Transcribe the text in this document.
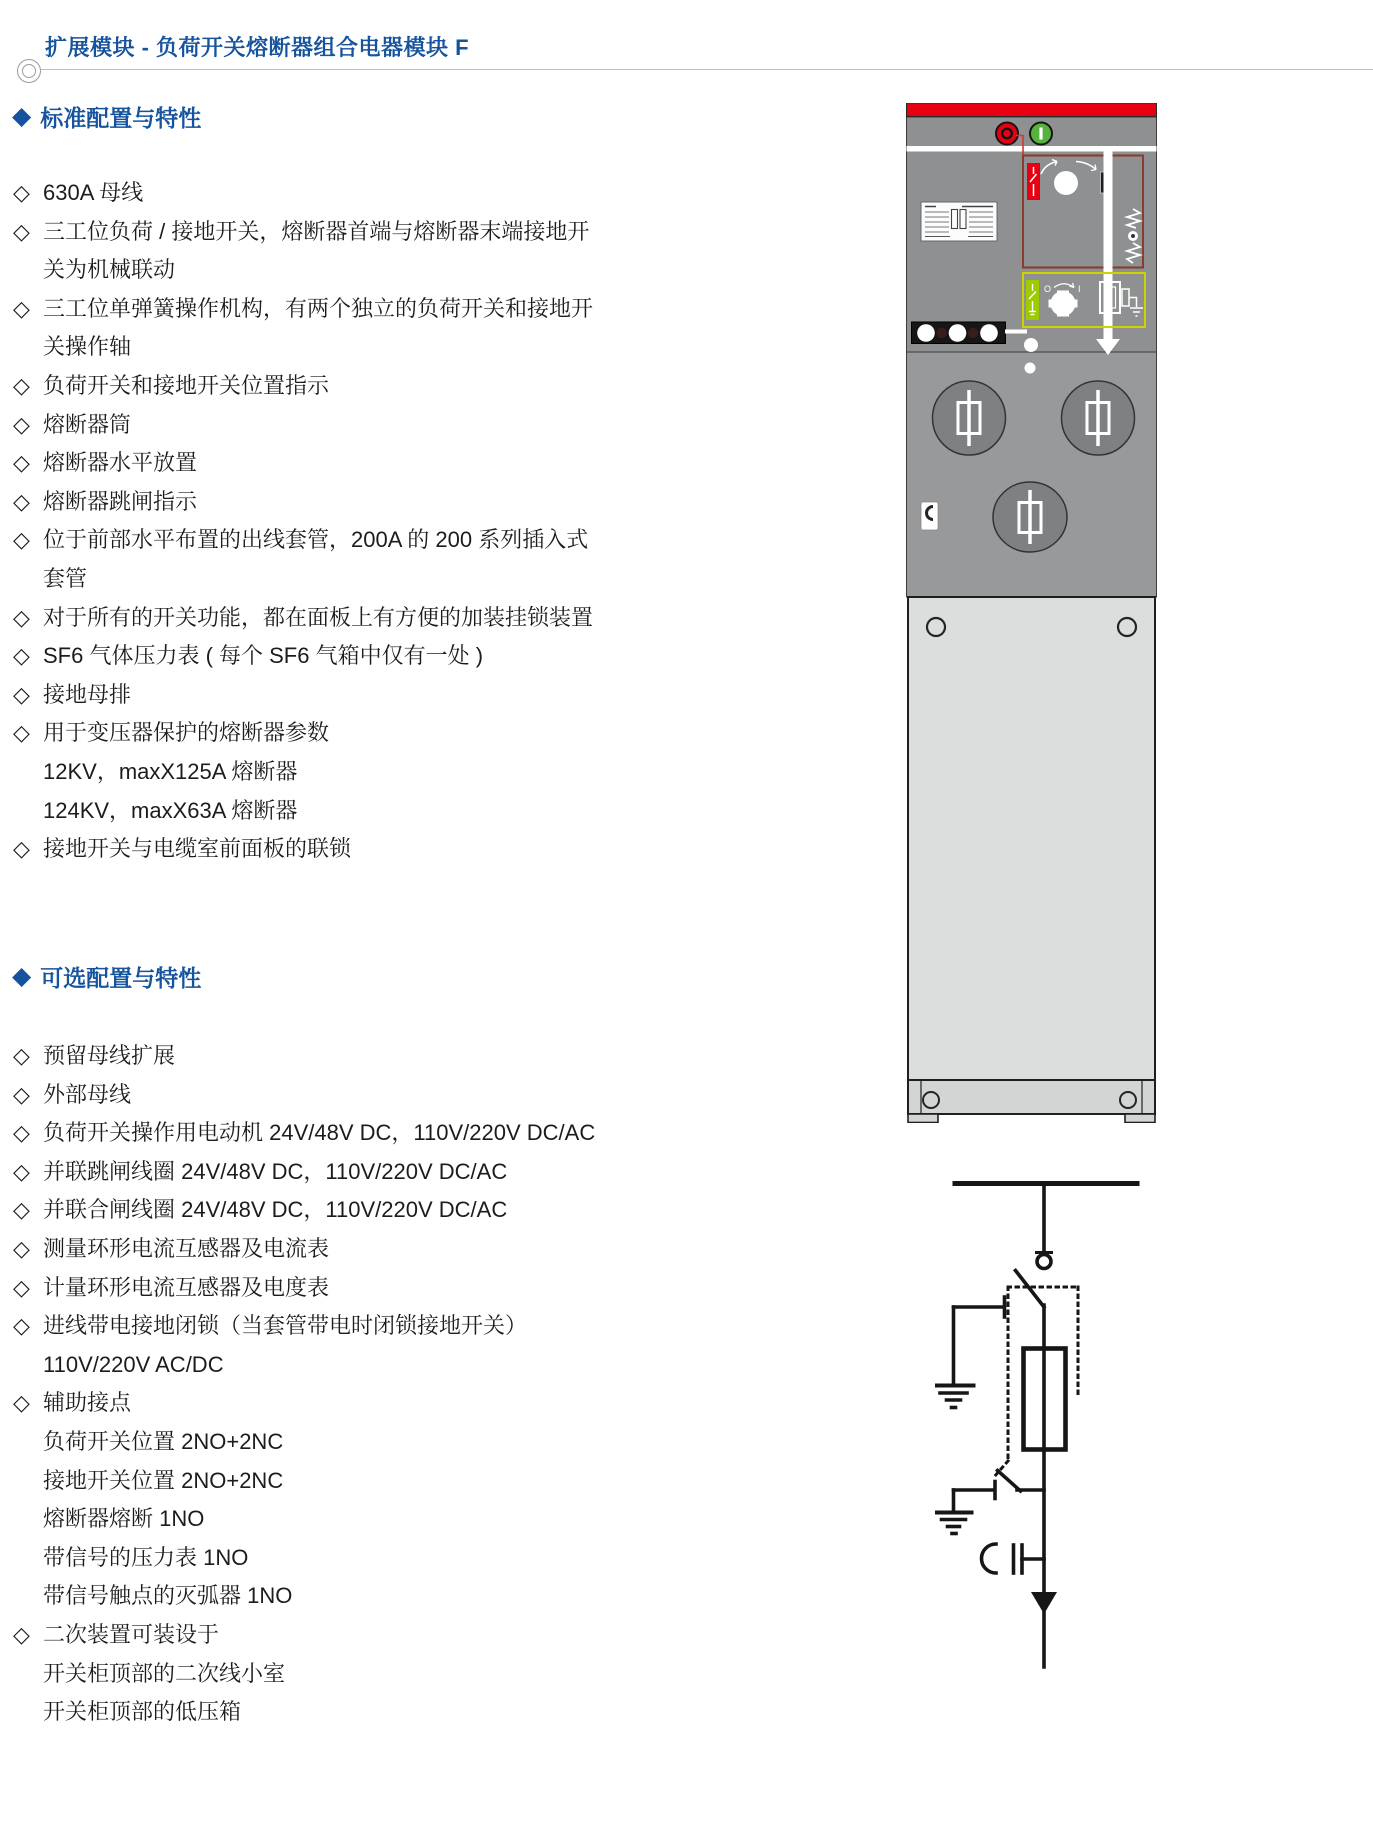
扩展模块 - 负荷开关熔断器组合电器模块 F
◆ 标准配置与特性
◇ 630A 母线
◇ 三工位负荷 / 接地开关，熔断器首端与熔断器末端接地开
关为机械联动
◇ 三工位单弹簧操作机构，有两个独立的负荷开关和接地开
关操作轴
◇ 负荷开关和接地开关位置指示
◇ 熔断器筒
◇ 熔断器水平放置
◇ 熔断器跳闸指示
◇ 位于前部水平布置的出线套管，200A 的 200 系列插入式
套管
◇ 对于所有的开关功能，都在面板上有方便的加装挂锁装置
◇ SF6 气体压力表 ( 每个 SF6 气箱中仅有一处 )
◇ 接地母排
◇ 用于变压器保护的熔断器参数
12KV，maxX125A 熔断器
124KV，maxX63A 熔断器
◇ 接地开关与电缆室前面板的联锁
◆ 可选配置与特性
◇ 预留母线扩展
◇ 外部母线
◇ 负荷开关操作用电动机 24V/48V DC，110V/220V DC/AC
◇ 并联跳闸线圈 24V/48V DC，110V/220V DC/AC
◇ 并联合闸线圈 24V/48V DC，110V/220V DC/AC
◇ 测量环形电流互感器及电流表
◇ 计量环形电流互感器及电度表
◇ 进线带电接地闭锁（当套管带电时闭锁接地开关）
110V/220V AC/DC
◇ 辅助接点
负荷开关位置 2NO+2NC
接地开关位置 2NO+2NC
熔断器熔断 1NO
带信号的压力表 1NO
带信号触点的灭弧器 1NO
◇ 二次装置可装设于
开关柜顶部的二次线小室
开关柜顶部的低压箱
O	I
